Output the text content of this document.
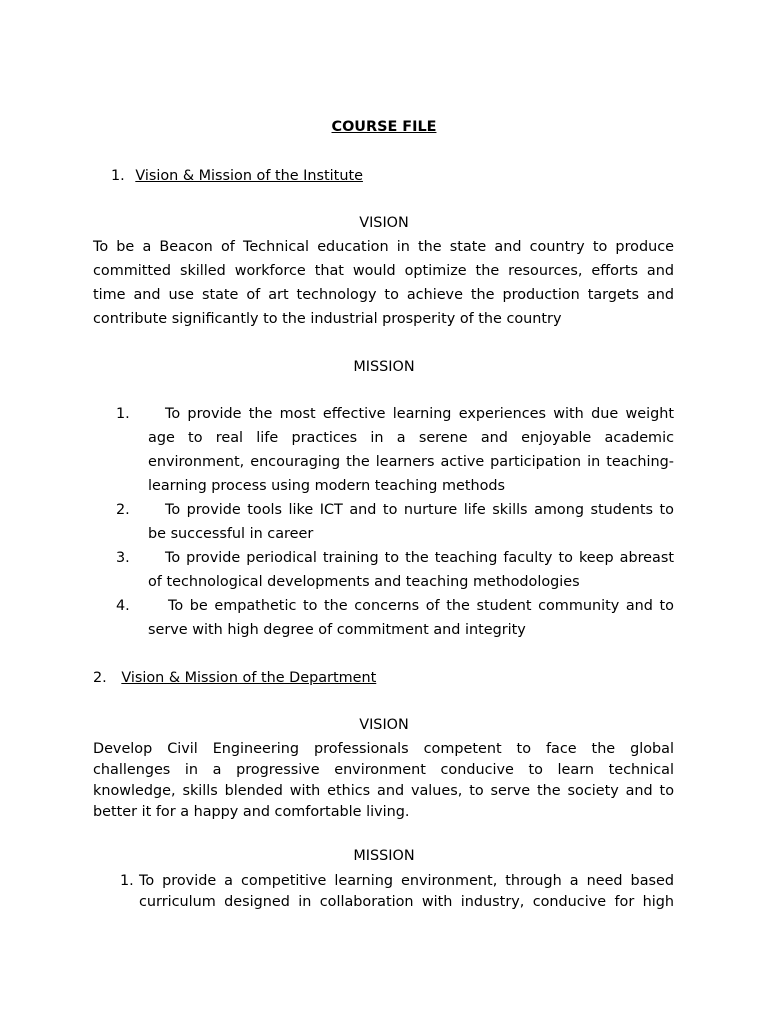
COURSE FILE
1. Vision & Mission of the Institute
VISION
To be a Beacon of Technical education in the state and country to produce
committed skilled workforce that would optimize the resources, efforts and
time and use state of art technology to achieve the production targets and
contribute significantly to the industrial prosperity of the country
MISSION
1. To provide the most effective learning experiences with due weight
age to real life practices in a serene and enjoyable academic
environment, encouraging the learners active participation in teaching-
learning process using modern teaching methods
2. To provide tools like ICT and to nurture life skills among students to
be successful in career
3. To provide periodical training to the teaching faculty to keep abreast
of technological developments and teaching methodologies
4.	To be empathetic to the concerns of the student community and to
serve with high degree of commitment and integrity
2. Vision & Mission of the Department
VISION
Develop Civil Engineering professionals competent to face the global
challenges in a progressive environment conducive to learn technical
knowledge, skills blended with ethics and values, to serve the society and to
better it for a happy and comfortable living.
MISSION
1. To provide a competitive learning environment, through a need based
curriculum designed in collaboration with industry, conducive for high
